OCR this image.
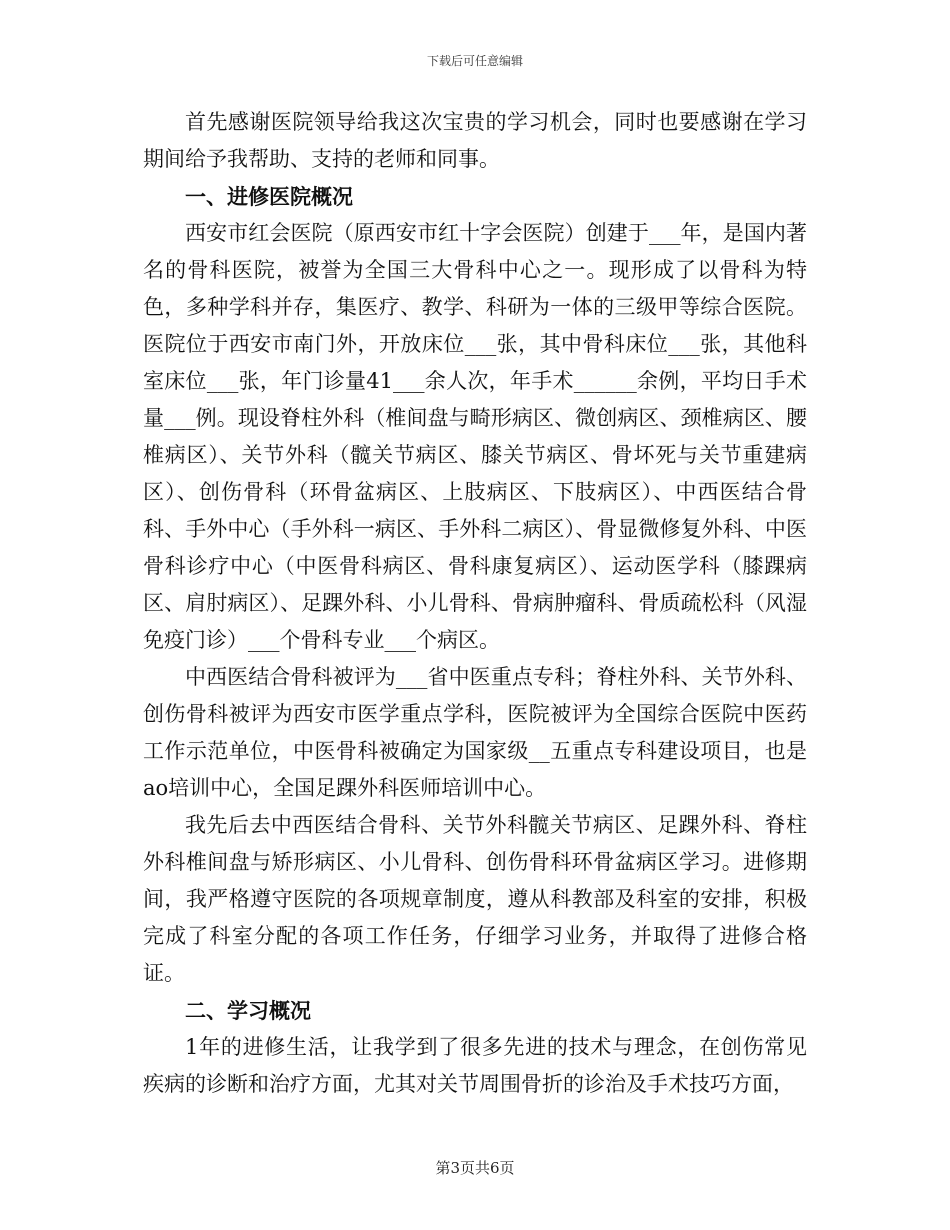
下载后可任意编辑

首先感谢医院领导给我这次宝贵的学习机会，同时也要感谢在学习期间给予我帮助、支持的老师和同事。

一、进修医院概况

西安市红会医院（原西安市红十字会医院）创建于___年，是国内著名的骨科医院，被誉为全国三大骨科中心之一。现形成了以骨科为特色，多种学科并存，集医疗、教学、科研为一体的三级甲等综合医院。医院位于西安市南门外，开放床位___张，其中骨科床位___张，其他科室床位___张，年门诊量41___余人次，年手术______余例，平均日手术量___例。现设脊柱外科（椎间盘与畸形病区、微创病区、颈椎病区、腰椎病区）、关节外科（髋关节病区、膝关节病区、骨坏死与关节重建病区）、创伤骨科（环骨盆病区、上肢病区、下肢病区）、中西医结合骨科、手外中心（手外科一病区、手外科二病区）、骨显微修复外科、中医骨科诊疗中心（中医骨科病区、骨科康复病区）、运动医学科（膝踝病区、肩肘病区）、足踝外科、小儿骨科、骨病肿瘤科、骨质疏松科（风湿免疫门诊）___个骨科专业___个病区。

中西医结合骨科被评为___省中医重点专科；脊柱外科、关节外科、创伤骨科被评为西安市医学重点学科，医院被评为全国综合医院中医药工作示范单位，中医骨科被确定为国家级__五重点专科建设项目，也是ao培训中心，全国足踝外科医师培训中心。

我先后去中西医结合骨科、关节外科髋关节病区、足踝外科、脊柱外科椎间盘与矫形病区、小儿骨科、创伤骨科环骨盆病区学习。进修期间，我严格遵守医院的各项规章制度，遵从科教部及科室的安排，积极完成了科室分配的各项工作任务，仔细学习业务，并取得了进修合格证。

二、学习概况

1年的进修生活，让我学到了很多先进的技术与理念，在创伤常见疾病的诊断和治疗方面，尤其对关节周围骨折的诊治及手术技巧方面，

第3页共6页
